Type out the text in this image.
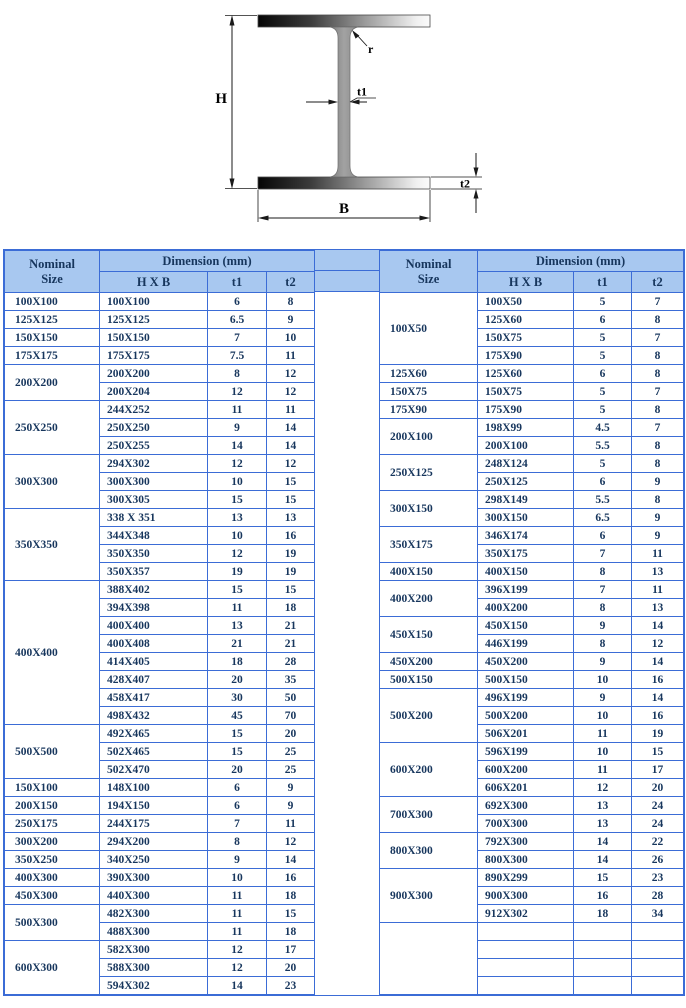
H
B
t1
t2
r
Nominal
Size	Dimension (mm)		
	H X B	t1	t2
100X100	100X100	6	8
125X125	125X125	6.5	9
150X150	150X150	7	10
175X175	175X175	7.5	11
200X200	200X200	8	12
	200X204	12	12
250X250	244X252	11	11
	250X250	9	14
	250X255	14	14
300X300	294X302	12	12
	300X300	10	15
	300X305	15	15
350X350	338 X 351	13	13
	344X348	10	16
	350X350	12	19
	350X357	19	19
400X400	388X402	15	15
	394X398	11	18
	400X400	13	21
	400X408	21	21
	414X405	18	28
	428X407	20	35
	458X417	30	50
	498X432	45	70
500X500	492X465	15	20
	502X465	15	25
	502X470	20	25
150X100	148X100	6	9
200X150	194X150	6	9
250X175	244X175	7	11
300X200	294X200	8	12
350X250	340X250	9	14
400X300	390X300	10	16
450X300	440X300	11	18
500X300	482X300	11	15
	488X300	11	18
600X300	582X300	12	17
	588X300	12	20
	594X302	14	23
Nominal
Size	Dimension (mm)		
	H X B	t1	t2
100X50	100X50	5	7
	125X60	6	8
	150X75	5	7
	175X90	5	8
125X60	125X60	6	8
150X75	150X75	5	7
175X90	175X90	5	8
200X100	198X99	4.5	7
	200X100	5.5	8
250X125	248X124	5	8
	250X125	6	9
300X150	298X149	5.5	8
	300X150	6.5	9
350X175	346X174	6	9
	350X175	7	11
400X150	400X150	8	13
400X200	396X199	7	11
	400X200	8	13
450X150	450X150	9	14
	446X199	8	12
450X200	450X200	9	14
500X150	500X150	10	16
500X200	496X199	9	14
	500X200	10	16
	506X201	11	19
600X200	596X199	10	15
	600X200	11	17
	606X201	12	20
700X300	692X300	13	24
	700X300	13	24
800X300	792X300	14	22
	800X300	14	26
900X300	890X299	15	23
	900X300	16	28
	912X302	18	34
